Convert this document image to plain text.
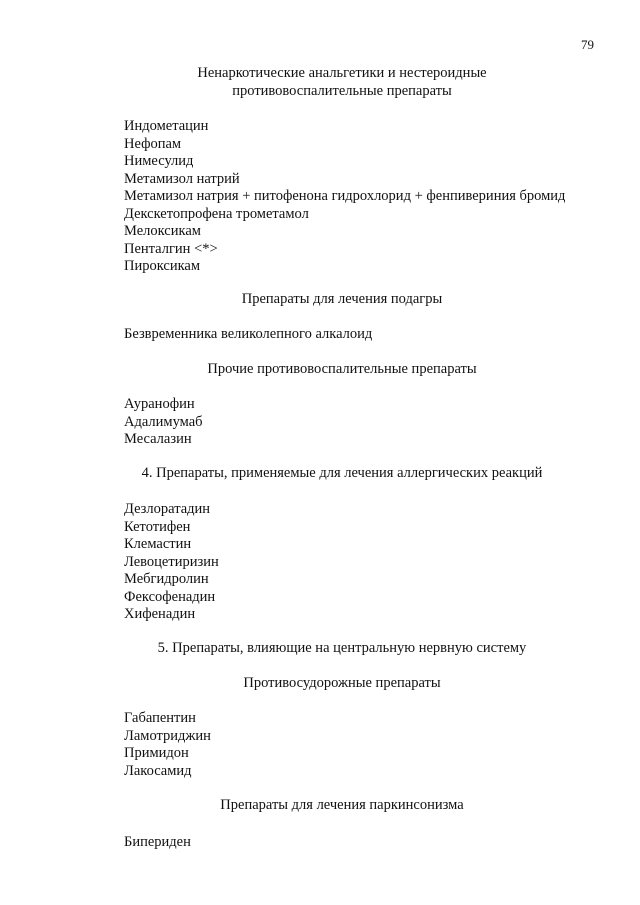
79
Ненаркотические анальгетики и нестероидные
противовоспалительные препараты
Индометацин
Нефопам
Нимесулид
Метамизол натрий
Метамизол натрия + питофенона гидрохлорид + фенпивериния бромид
Декскетопрофена трометамол
Мелоксикам
Пенталгин <*>
Пироксикам
Препараты для лечения подагры
Безвременника великолепного алкалоид
Прочие противовоспалительные препараты
Ауранофин
Адалимумаб
Месалазин
4. Препараты, применяемые для лечения аллергических реакций
Дезлоратадин
Кетотифен
Клемастин
Левоцетиризин
Мебгидролин
Фексофенадин
Хифенадин
5. Препараты, влияющие на центральную нервную систему
Противосудорожные препараты
Габапентин
Ламотриджин
Примидон
Лакосамид
Препараты для лечения паркинсонизма
Бипериден
